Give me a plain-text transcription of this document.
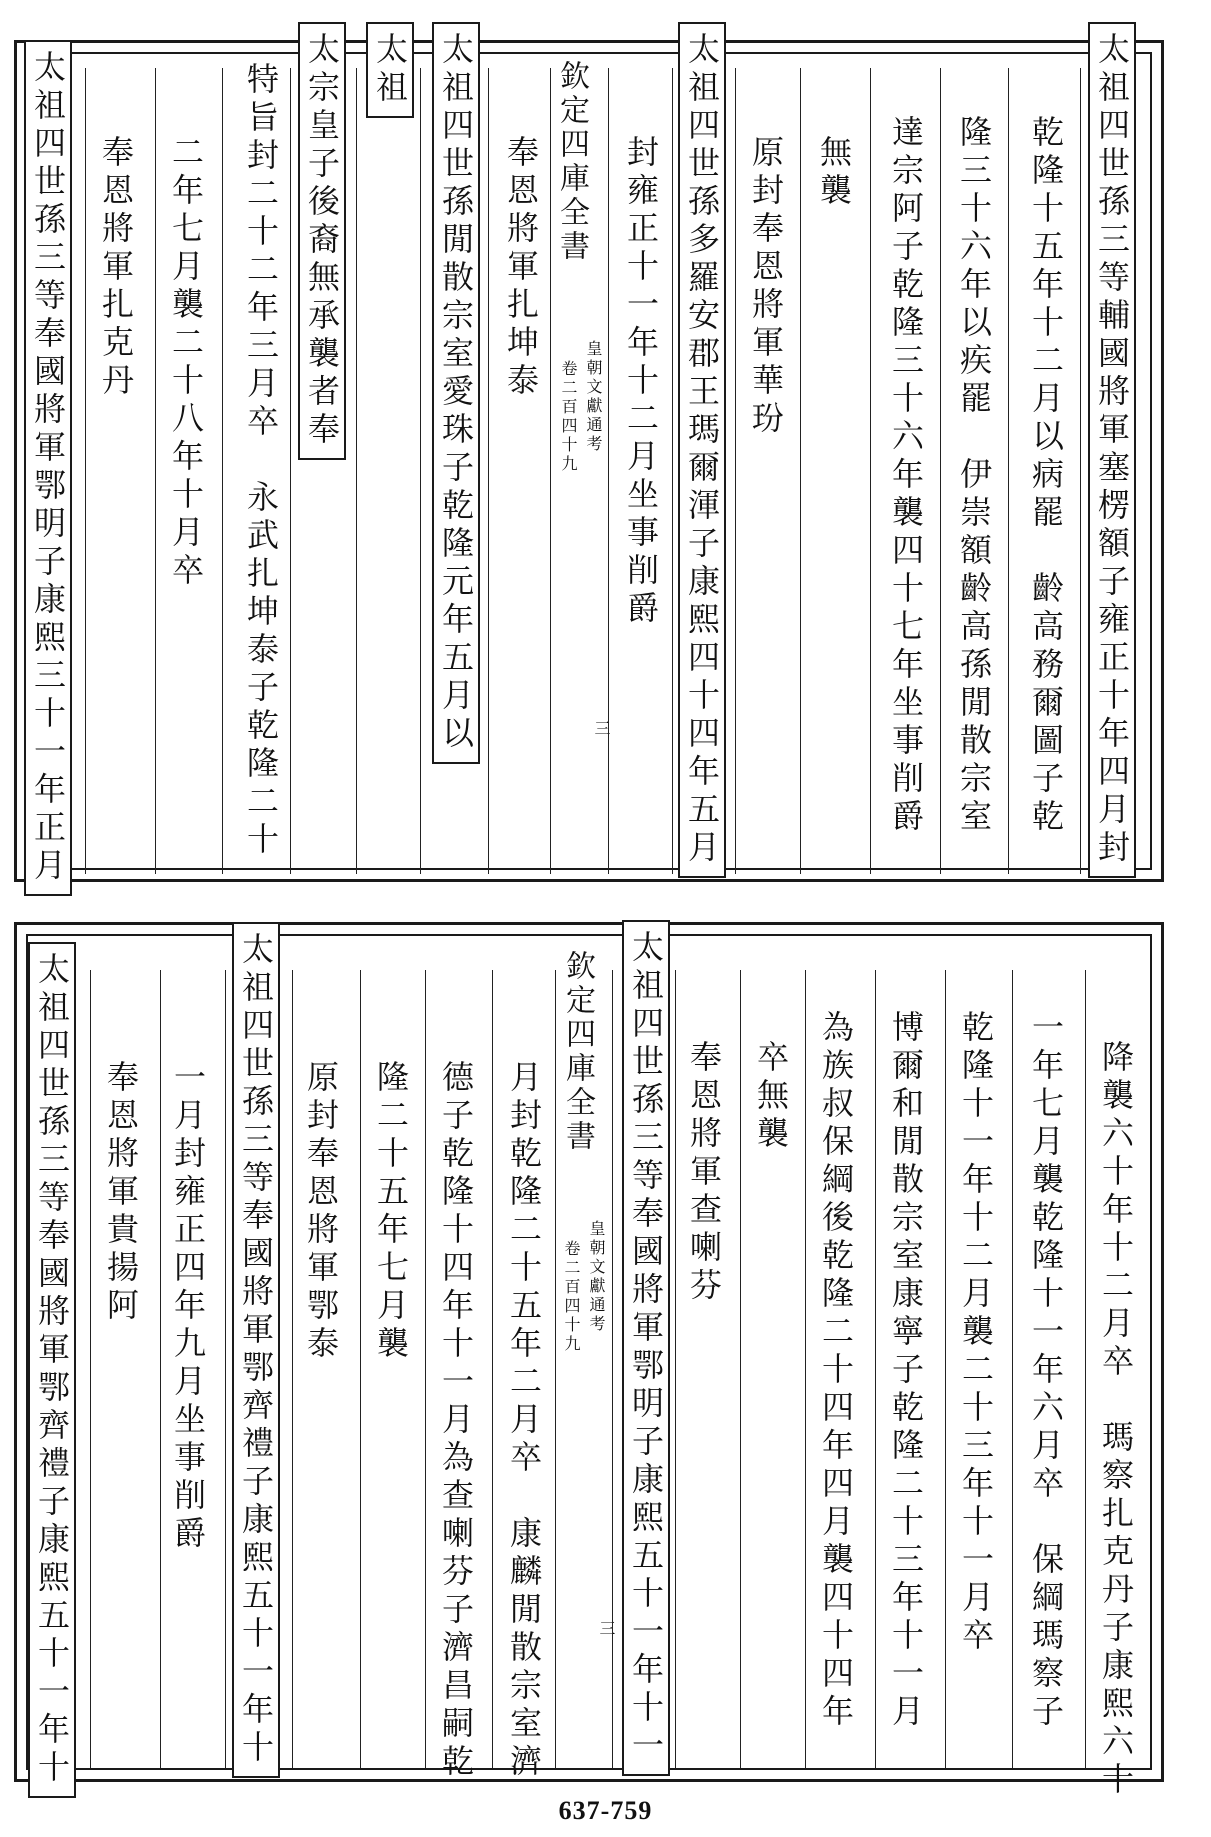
太祖四世孫三等輔國將軍塞楞額子雍正十年四月封
乾隆十五年十二月以病罷　齡高務爾圖子乾
隆三十六年以疾罷　伊崇額齡高孫閒散宗室
達宗阿子乾隆三十六年襲四十七年坐事削爵
無襲
原封奉恩將軍華玢
太祖四世孫多羅安郡王瑪爾渾子康熙四十四年五月
封雍正十一年十二月坐事削爵
欽定四庫全書
皇朝文獻通考
卷二百四十九
三
奉恩將軍扎坤泰
太祖四世孫閒散宗室愛珠子乾隆元年五月以
太祖
太宗皇子後裔無承襲者奉
特旨封二十二年三月卒　永武扎坤泰子乾隆二十
二年七月襲二十八年十月卒
奉恩將軍扎克丹
太祖四世孫三等奉國將軍鄂明子康熙三十一年正月
降襲六十年十二月卒　瑪察扎克丹子康熙六十
一年七月襲乾隆十一年六月卒　保綱瑪察子
乾隆十一年十二月襲二十三年十一月卒
博爾和閒散宗室康寧子乾隆二十三年十一月
為族叔保綱後乾隆二十四年四月襲四十四年
卒無襲
奉恩將軍查喇芬
太祖四世孫三等奉國將軍鄂明子康熙五十一年十一
欽定四庫全書
皇朝文獻通考
卷二百四十九
三
月封乾隆二十五年二月卒　康麟閒散宗室濟
德子乾隆十四年十一月為查喇芬子濟昌嗣乾
隆二十五年七月襲
原封奉恩將軍鄂泰
太祖四世孫三等奉國將軍鄂齊禮子康熙五十一年十
一月封雍正四年九月坐事削爵
奉恩將軍貴揚阿
太祖四世孫三等奉國將軍鄂齊禮子康熙五十一年十
637-759
